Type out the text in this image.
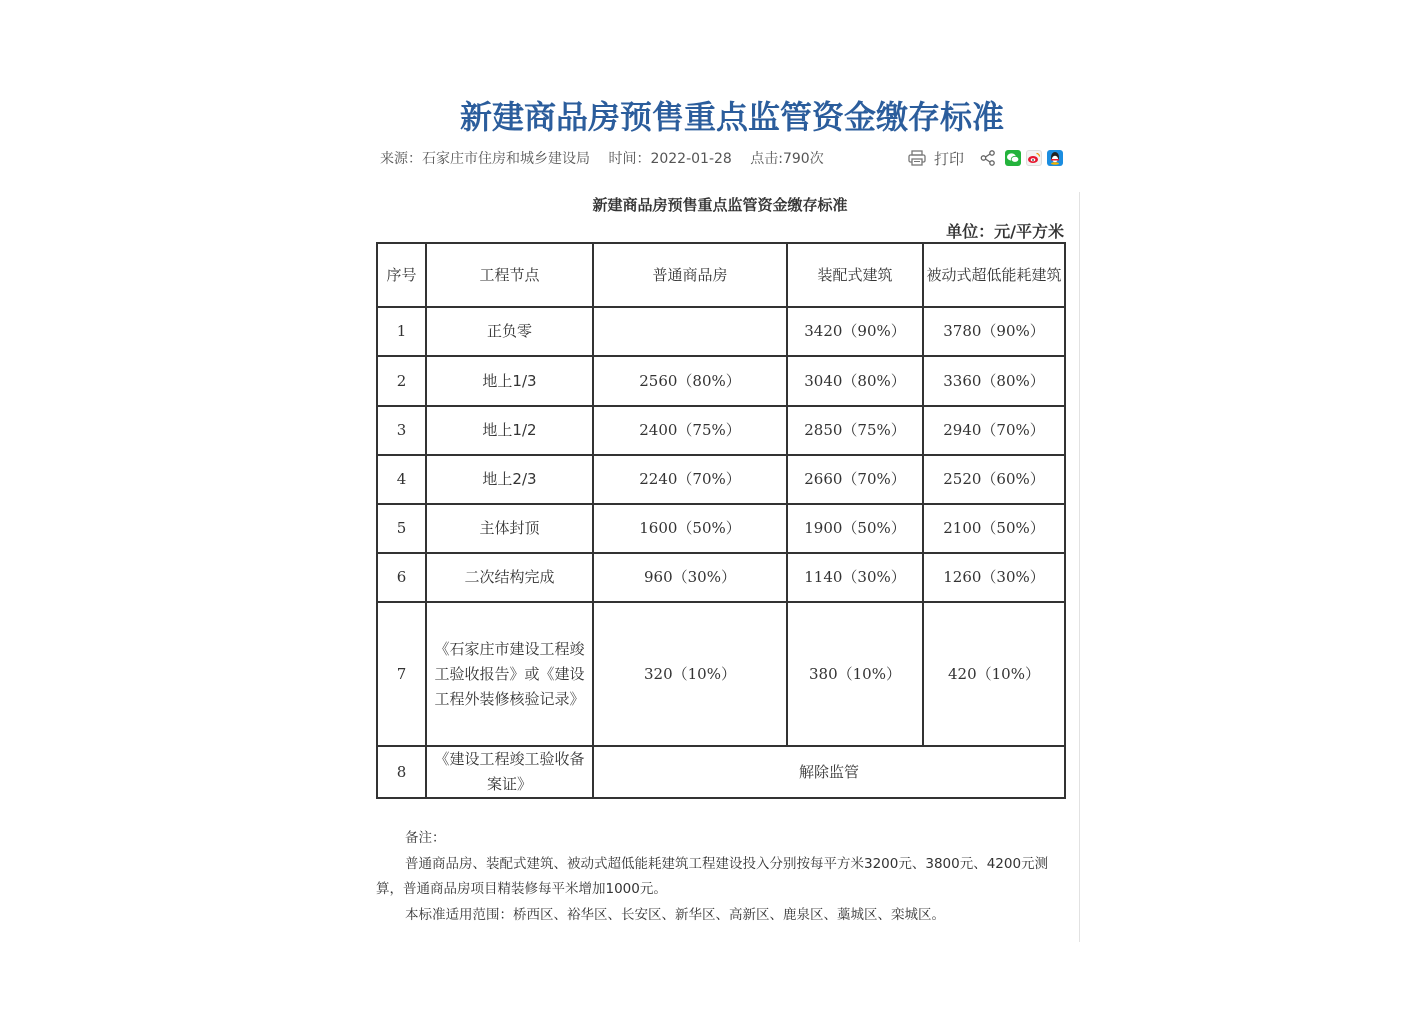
新建商品房预售重点监管资金缴存标准
来源：石家庄市住房和城乡建设局 时间：2022-01-28 点击:790次	打印
新建商品房预售重点监管资金缴存标准
单位：元/平方米
序号	工程节点	普通商品房	装配式建筑	被动式超低能耗建筑
1	正负零		3420（90%）	3780（90%）
2	地上1/3	2560（80%）	3040（80%）	3360（80%）
3	地上1/2	2400（75%）	2850（75%）	2940（70%）
4	地上2/3	2240（70%）	2660（70%）	2520（60%）
5	主体封顶	1600（50%）	1900（50%）	2100（50%）
6	二次结构完成	960（30%）	1140（30%）	1260（30%）
7	《石家庄市建设工程竣工验收报告》或《建设工程外装修核验记录》	320（10%）	380（10%）	420（10%）
8	《建设工程竣工验收备案证》	解除监管		

备注：

普通商品房、装配式建筑、被动式超低能耗建筑工程建设投入分别按每平方米3200元、3800元、4200元测算，普通商品房项目精装修每平米增加1000元。

本标准适用范围：桥西区、裕华区、长安区、新华区、高新区、鹿泉区、藁城区、栾城区。
